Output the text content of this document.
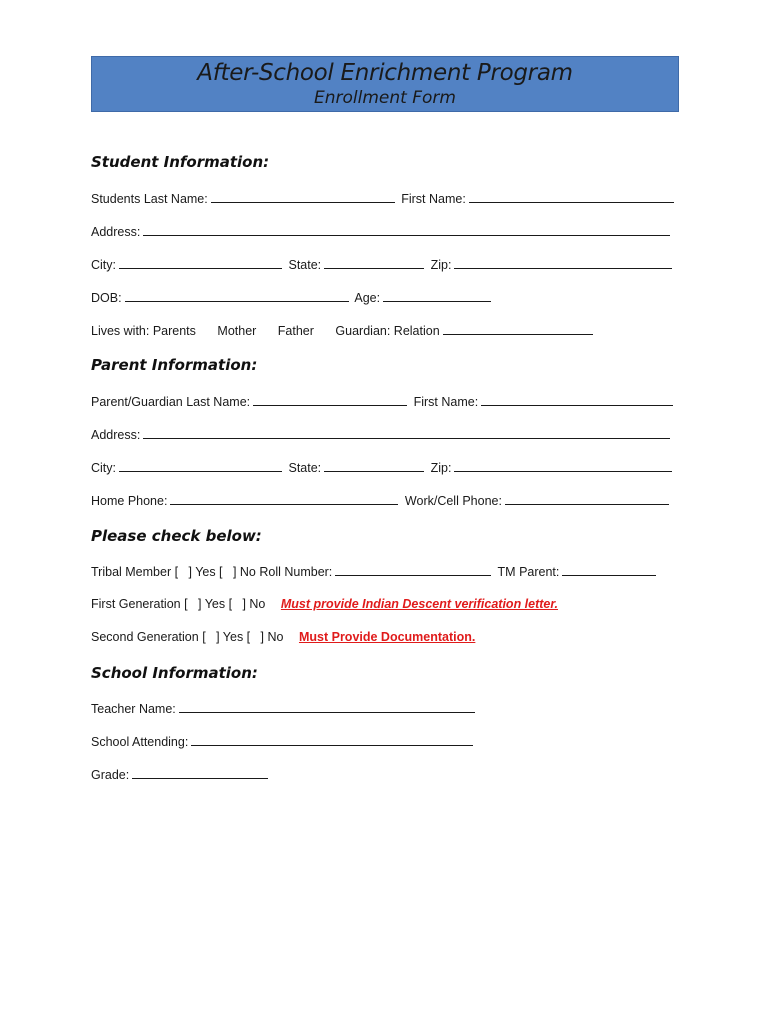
After-School Enrichment Program
Enrollment Form
Student Information:
Students Last Name:	First Name:
Address:
City:	State:	Zip:
DOB:	Age:
Lives with: Parents Mother Father Guardian: Relation
Parent Information:
Parent/Guardian Last Name:	First Name:
Address:
City:	State:	Zip:
Home Phone:	Work/Cell Phone:
Please check below:
Tribal Member [   ] Yes [   ] No Roll Number:	TM Parent:
First Generation [   ] Yes [   ] No Must provide Indian Descent verification letter.
Second Generation [   ] Yes [   ] No Must Provide Documentation.
School Information:
Teacher Name:
School Attending:
Grade:
